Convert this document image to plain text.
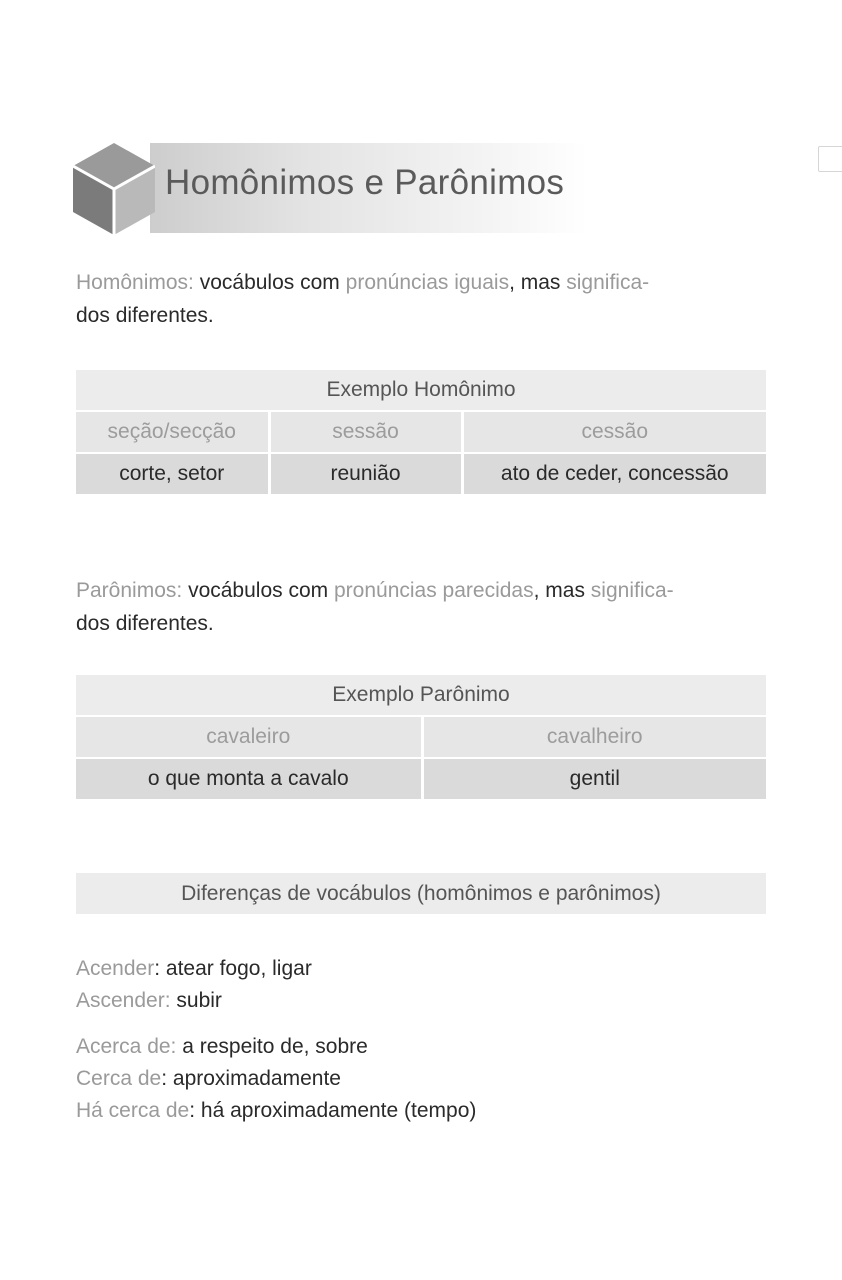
Homônimos e Parônimos

Homônimos: vocábulos com pronúncias iguais, mas significa-
dos diferentes.

Exemplo Homônimo		
seção/secção	sessão	cessão
corte, setor	reunião	ato de ceder, concessão

Parônimos: vocábulos com pronúncias parecidas, mas significa-
dos diferentes.

Exemplo Parônimo	
cavaleiro	cavalheiro
o que monta a cavalo	gentil
Diferenças de vocábulos (homônimos e parônimos)

Acender: atear fogo, ligar

Ascender: subir

Acerca de: a respeito de, sobre

Cerca de: aproximadamente

Há cerca de: há aproximadamente (tempo)
